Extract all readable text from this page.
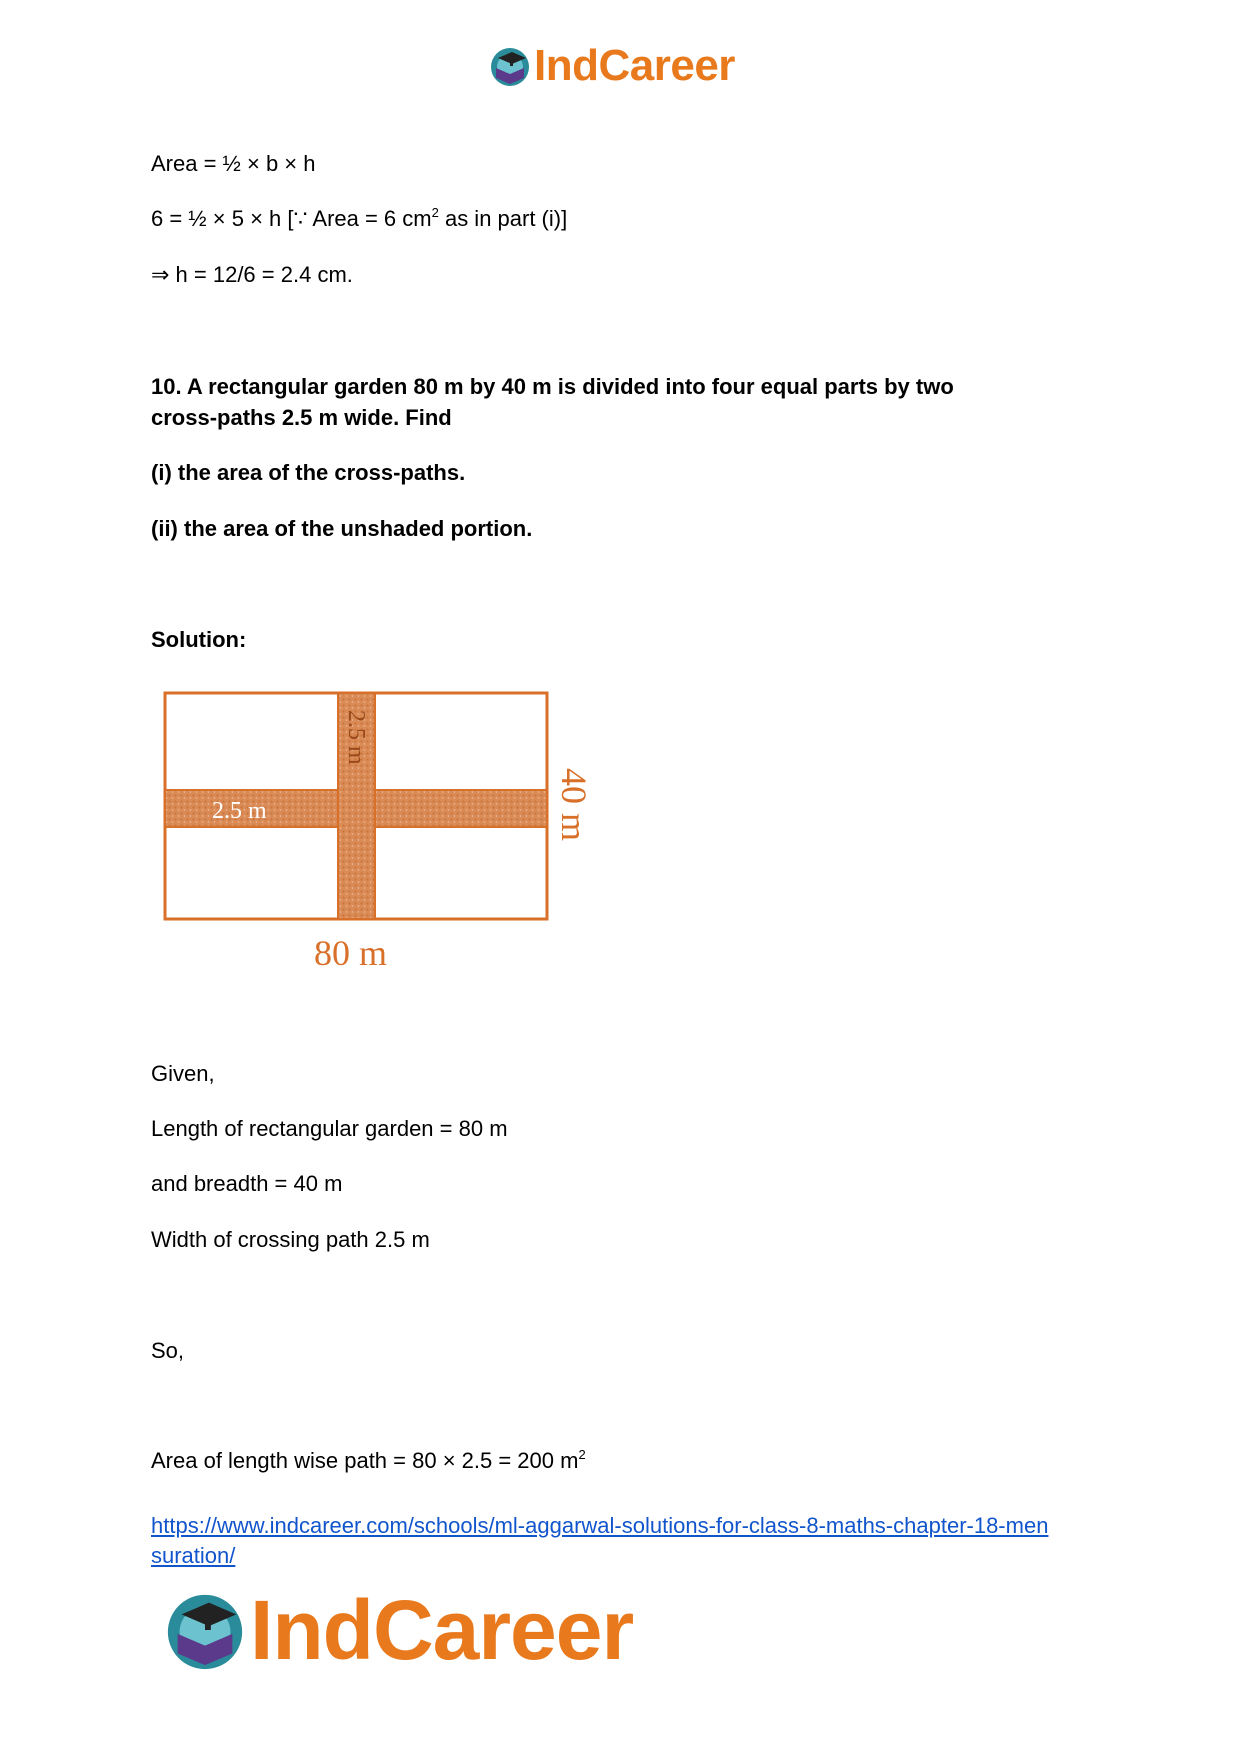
IndCareer
Area = ½ × b × h
6 = ½ × 5 × h [∵ Area = 6 $cm^2$ as in part (i)]
⇒ h = 12/6 = 2.4 cm.
10. A rectangular garden 80 m by 40 m is divided into four equal parts by two
cross-paths 2.5 m wide. Find
(i) the area of the cross-paths.
(ii) the area of the unshaded portion.
Solution:
2.5 m
2.5 m	40 m
80 m
Given,
Length of rectangular garden = 80 m
and breadth = 40 m
Width of crossing path 2.5 m
So,
Area of length wise path = 80 × 2.5 = 200 $m^2$
https://www.indcareer.com/schools/ml-aggarwal-solutions-for-class-8-maths-chapter-18-men
suration/
IndCareer
